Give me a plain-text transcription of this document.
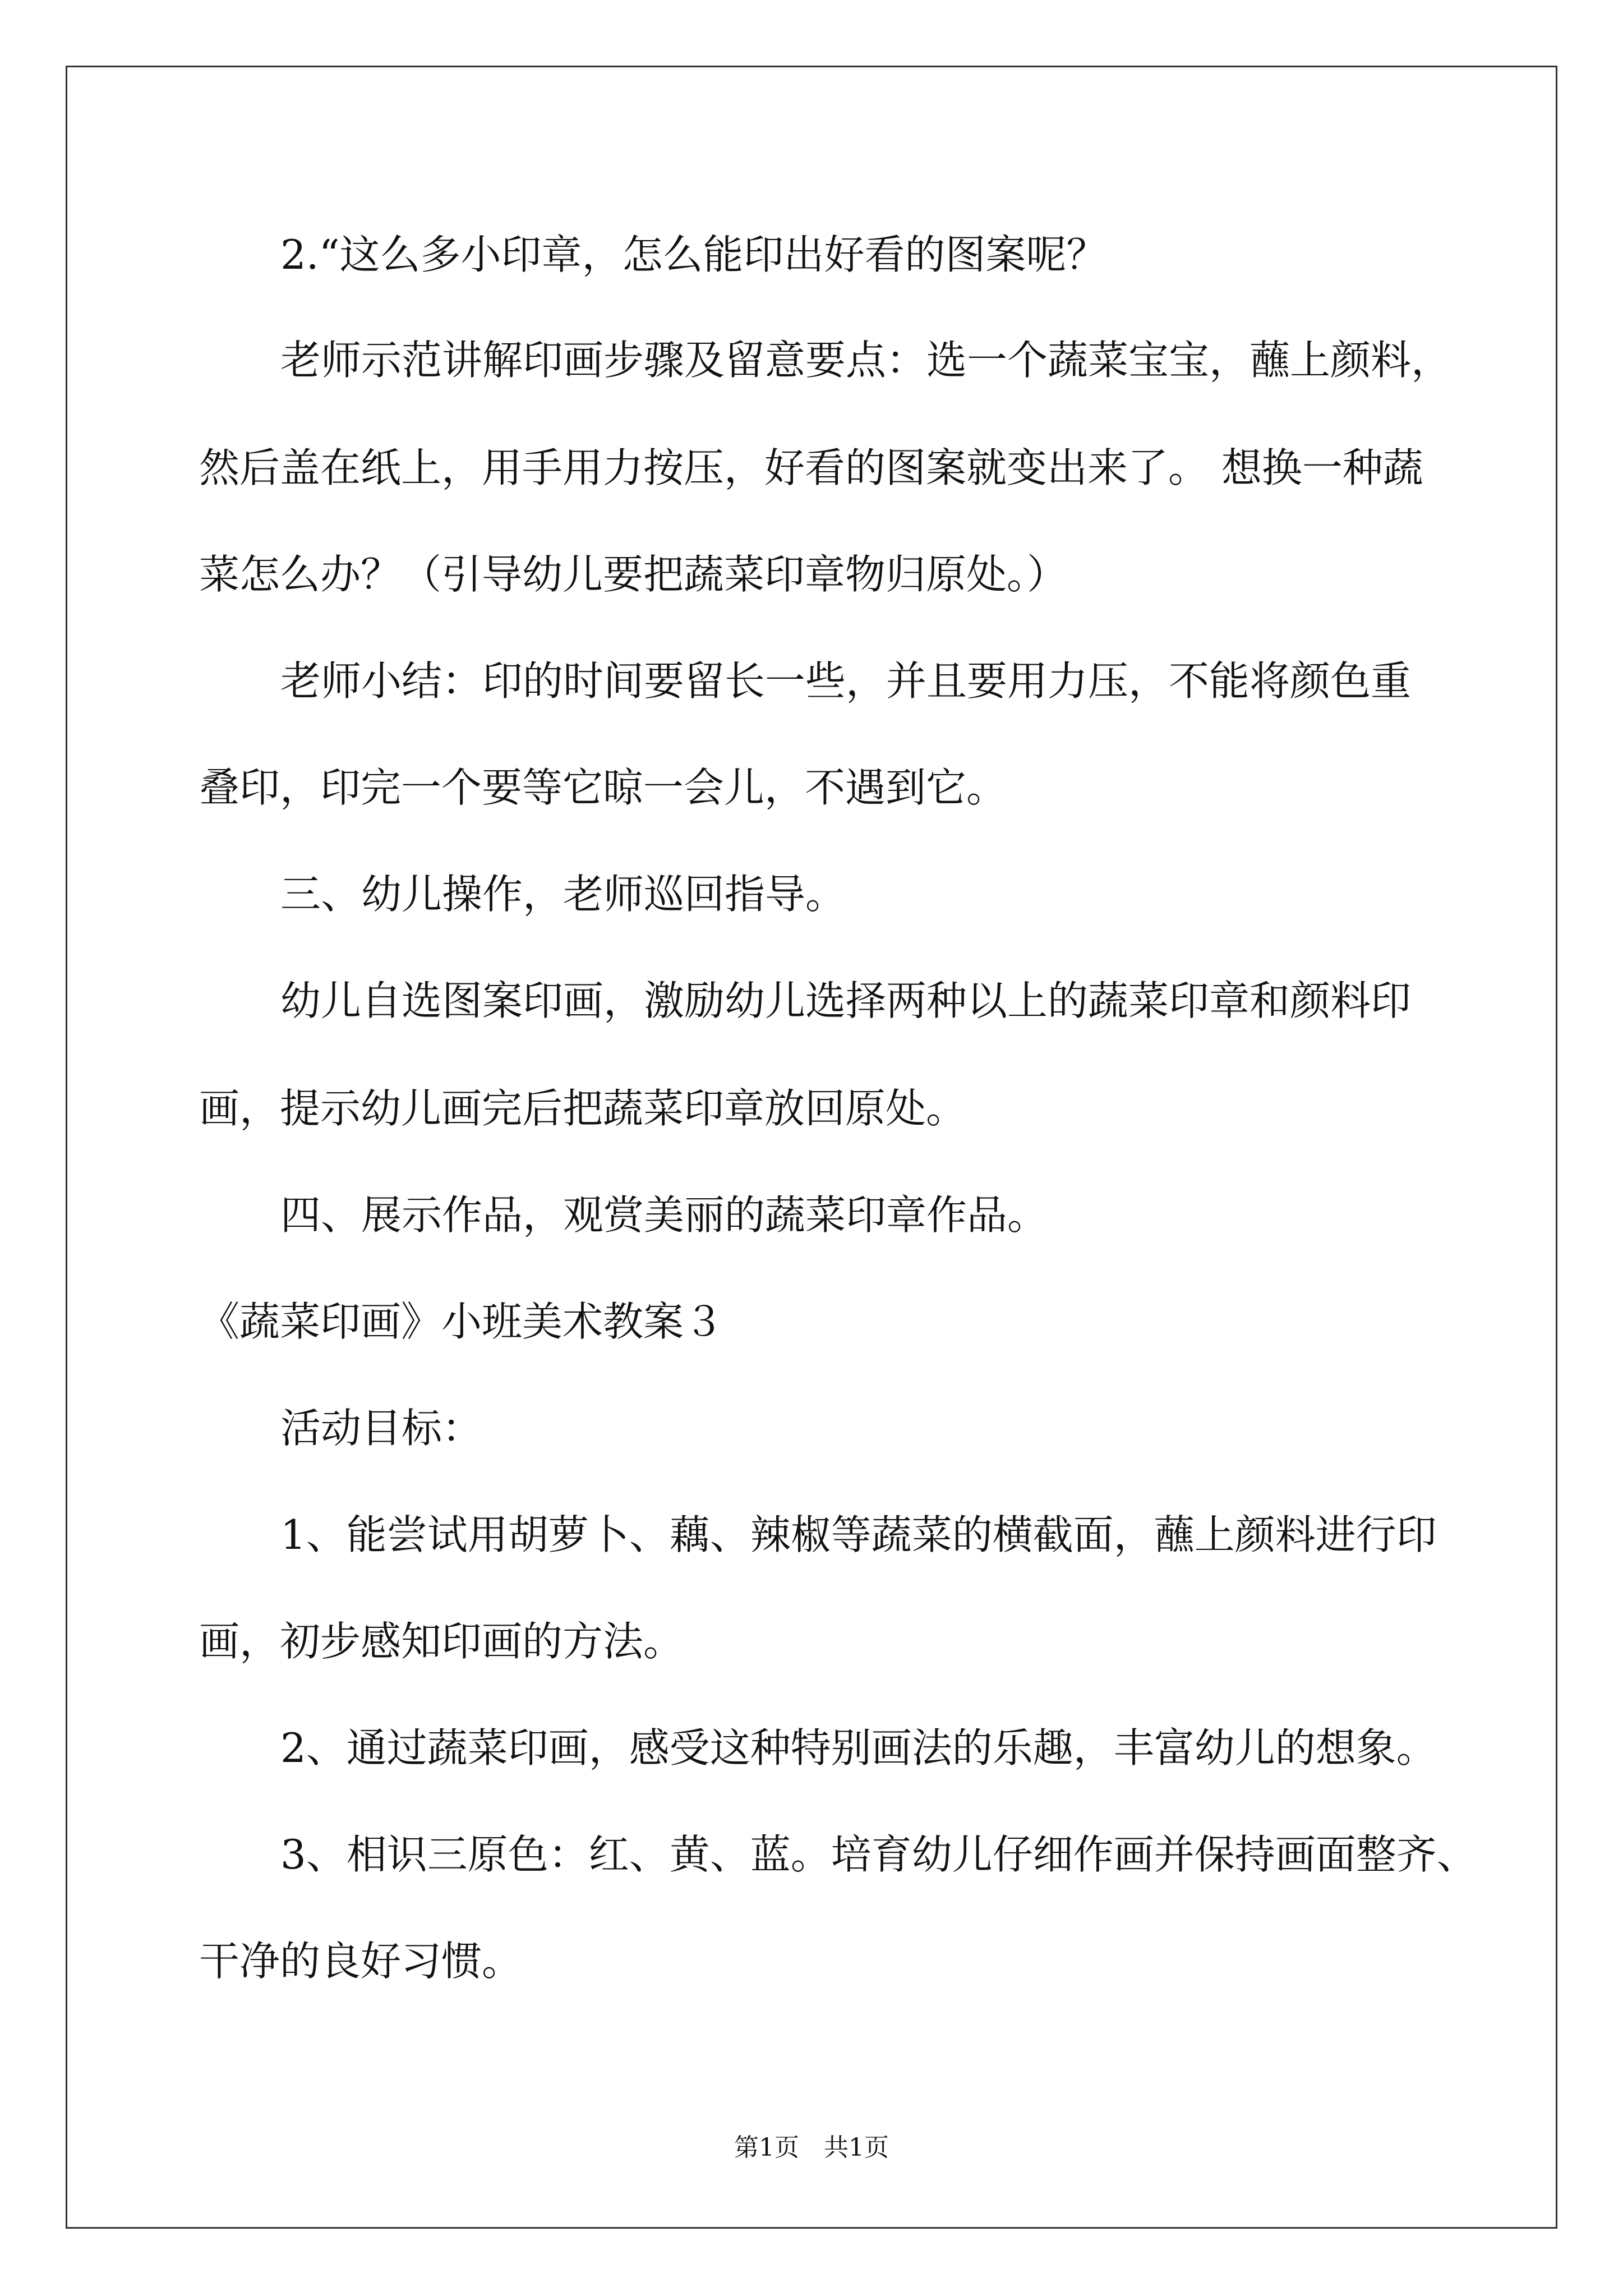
2.“这么多小印章，怎么能印出好看的图案呢？

老师示范讲解印画步骤及留意要点：选一个蔬菜宝宝，蘸上颜料，

然后盖在纸上，用手用力按压，好看的图案就变出来了。 想换一种蔬

菜怎么办？（引导幼儿要把蔬菜印章物归原处。）

老师小结：印的时间要留长一些，并且要用力压，不能将颜色重

叠印，印完一个要等它晾一会儿，不遇到它。

三、幼儿操作，老师巡回指导。

幼儿自选图案印画，激励幼儿选择两种以上的蔬菜印章和颜料印

画，提示幼儿画完后把蔬菜印章放回原处。

四、展示作品，观赏美丽的蔬菜印章作品。

《蔬菜印画》小班美术教案３

活动目标：

1、能尝试用胡萝卜、藕、辣椒等蔬菜的横截面，蘸上颜料进行印

画，初步感知印画的方法。

2、通过蔬菜印画，感受这种特别画法的乐趣，丰富幼儿的想象。

3、相识三原色：红、黄、蓝。培育幼儿仔细作画并保持画面整齐、

干净的良好习惯。

第1页　共1页
